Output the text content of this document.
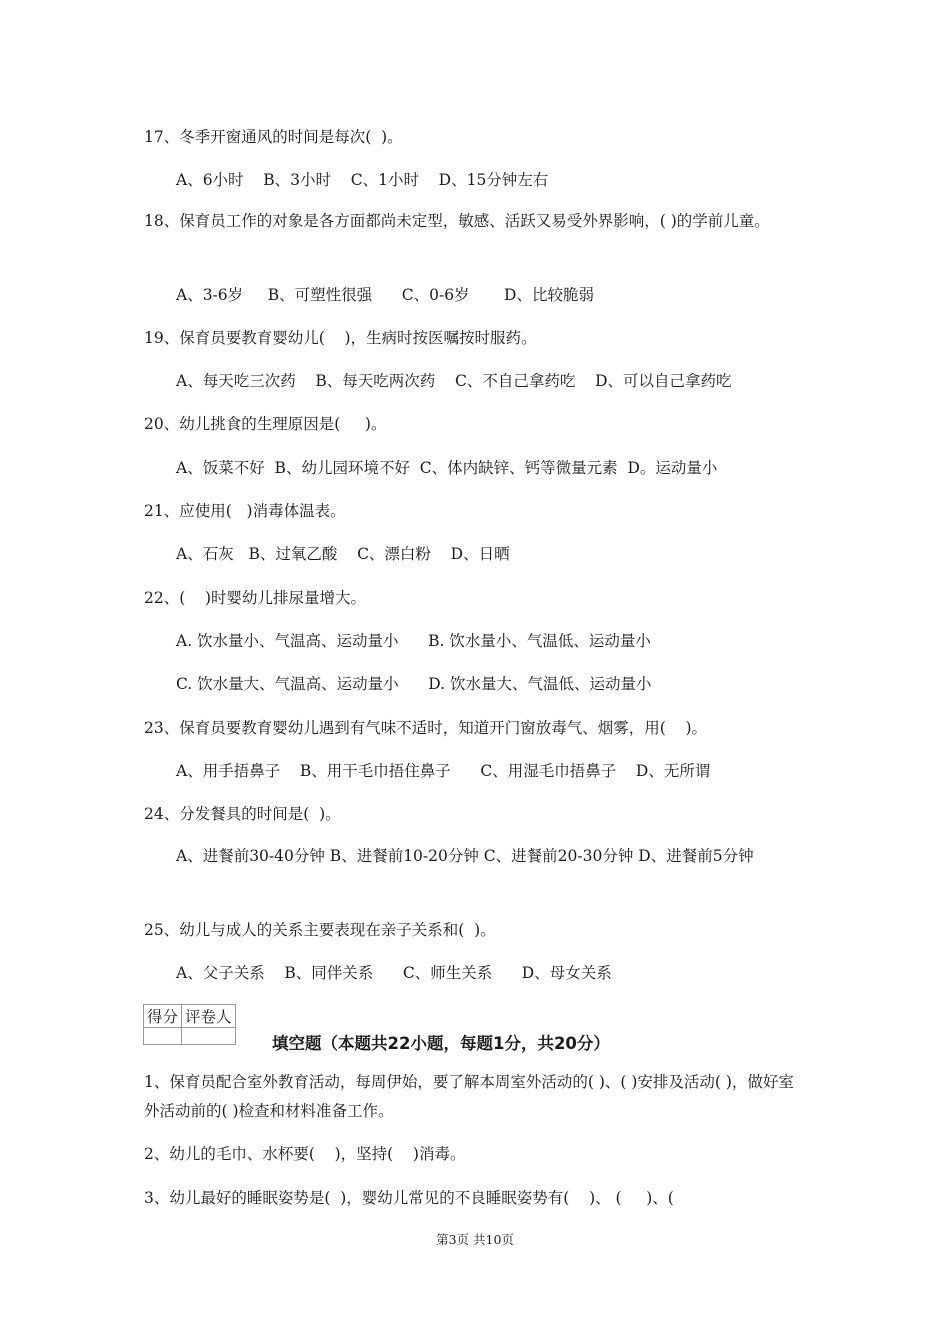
17、冬季开窗通风的时间是每次(  )。
A、6小时    B、3小时    C、1小时    D、15分钟左右
18、保育员工作的对象是各方面都尚未定型，敏感、活跃又易受外界影响，( )的学前儿童。
A、3-6岁     B、可塑性很强      C、0-6岁       D、比较脆弱
19、保育员要教育婴幼儿(    )，生病时按医嘱按时服药。
A、每天吃三次药    B、每天吃两次药    C、不自己拿药吃    D、可以自己拿药吃
20、幼儿挑食的生理原因是(     )。
A、饭菜不好  B、幼儿园环境不好  C、体内缺锌、钙等微量元素  D。运动量小
21、应使用(   )消毒体温表。
A、石灰   B、过氧乙酸    C、漂白粉    D、日晒
22、(    )时婴幼儿排尿量增大。
A. 饮水量小、气温高、运动量小      B. 饮水量小、气温低、运动量小
C. 饮水量大、气温高、运动量小      D. 饮水量大、气温低、运动量小
23、保育员要教育婴幼儿遇到有气味不适时，知道开门窗放毒气、烟雾，用(    )。
A、用手捂鼻子    B、用干毛巾捂住鼻子      C、用湿毛巾捂鼻子    D、无所谓
24、分发餐具的时间是(  )。
A、进餐前30-40分钟 B、进餐前10-20分钟 C、进餐前20-30分钟 D、进餐前5分钟
25、幼儿与成人的关系主要表现在亲子关系和(  )。
A、父子关系    B、同伴关系      C、师生关系      D、母女关系
得分	评卷人

填空题（本题共22小题，每题1分，共20分）
1、保育员配合室外教育活动，每周伊始，要了解本周室外活动的( )、( )安排及活动( )，做好室外活动前的( )检查和材料准备工作。
2、幼儿的毛巾、水杯要(    )，坚持(    )消毒。
3、幼儿最好的睡眠姿势是(  )，婴幼儿常见的不良睡眠姿势有(    )、 (     )、(
第3页 共10页
